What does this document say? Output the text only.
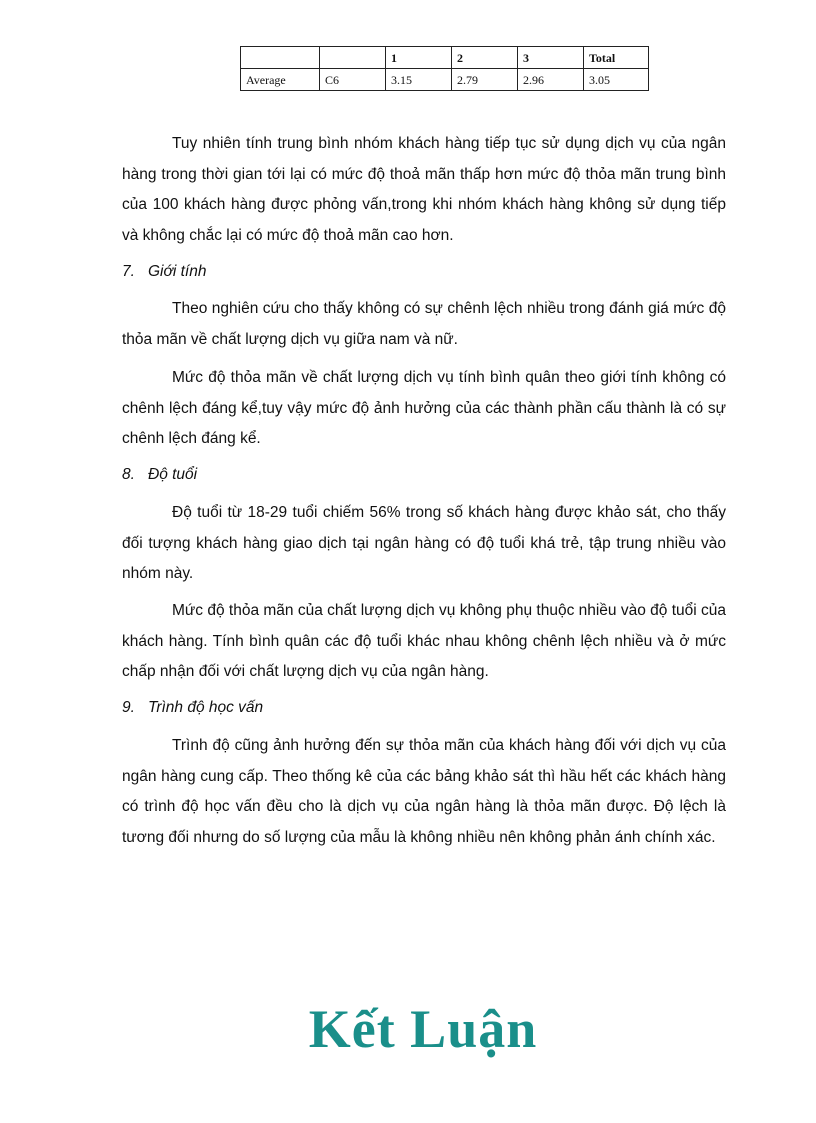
		1	2	3	Total
Average	C6	3.15	2.79	2.96	3.05

Tuy nhiên tính trung bình nhóm khách hàng tiếp tục sử dụng dịch vụ của ngân hàng trong thời gian tới lại có mức độ thoả mãn thấp hơn mức độ thỏa mãn trung bình của 100 khách hàng được phỏng vấn,trong khi nhóm khách hàng không sử dụng tiếp và không chắc lại có mức độ thoả mãn cao hơn.

7. Giới tính

Theo nghiên cứu cho thấy không có sự chênh lệch nhiều trong đánh giá mức độ thỏa mãn về chất lượng dịch vụ giữa nam và nữ.

Mức độ thỏa mãn về chất lượng dịch vụ tính bình quân theo giới tính không có chênh lệch đáng kể,tuy vậy mức độ ảnh hưởng của các thành phần cấu thành là có sự chênh lệch đáng kể.

8. Độ tuổi

Độ tuổi từ 18-29 tuổi chiếm 56% trong số khách hàng được khảo sát, cho thấy đối tượng khách hàng giao dịch tại ngân hàng có độ tuổi khá trẻ, tập trung nhiều vào nhóm này.

Mức độ thỏa mãn của chất lượng dịch vụ không phụ thuộc nhiều vào độ tuổi của khách hàng. Tính bình quân các độ tuổi khác nhau không chênh lệch nhiều và ở mức chấp nhận đối với chất lượng dịch vụ của ngân hàng.

9. Trình độ học vấn

Trình độ cũng ảnh hưởng đến sự thỏa mãn của khách hàng đối với dịch vụ của ngân hàng cung cấp. Theo thống kê của các bảng khảo sát thì hầu hết các khách hàng có trình độ học vấn đều cho là dịch vụ của ngân hàng là thỏa mãn được. Độ lệch là tương đối nhưng do số lượng của mẫu là không nhiều nên không phản ánh chính xác.

Kết Luận
